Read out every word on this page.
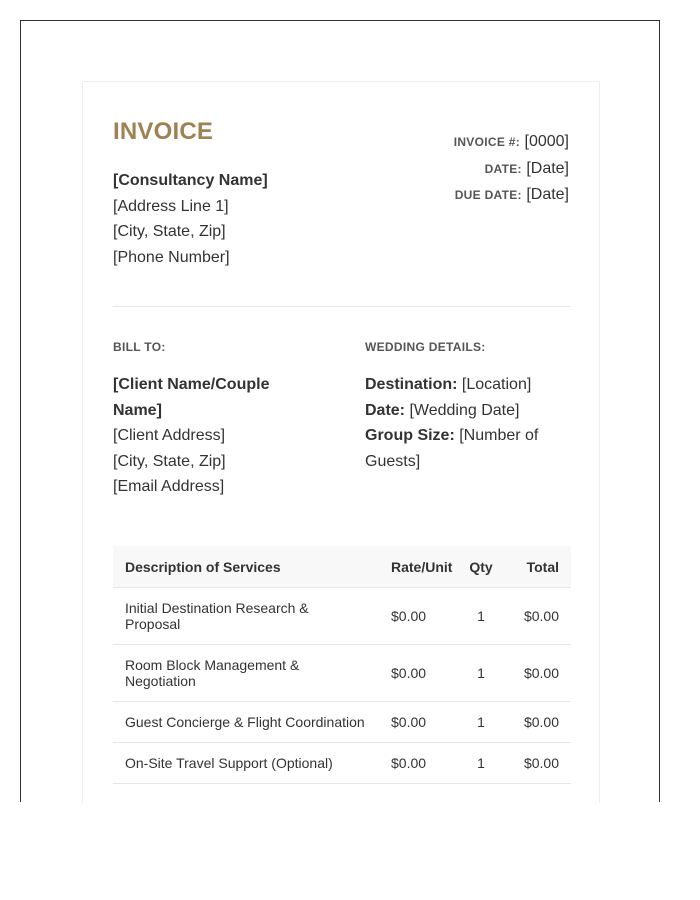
INVOICE
[Consultancy Name]
[Address Line 1]
[City, State, Zip]
[Phone Number]
INVOICE #: [0000]
DATE: [Date]
DUE DATE: [Date]
BILL TO:	WEDDING DETAILS:
[Client Name/Couple Name]
[Client Address]
[City, State, Zip]
[Email Address]
Destination: [Location]
Date: [Wedding Date]
Group Size: [Number of Guests]
Description of Services	Rate/Unit	Qty	Total
Initial Destination Research & Proposal	$0.00	1	$0.00
Room Block Management & Negotiation	$0.00	1	$0.00
Guest Concierge & Flight Coordination	$0.00	1	$0.00
On-Site Travel Support (Optional)	$0.00	1	$0.00
